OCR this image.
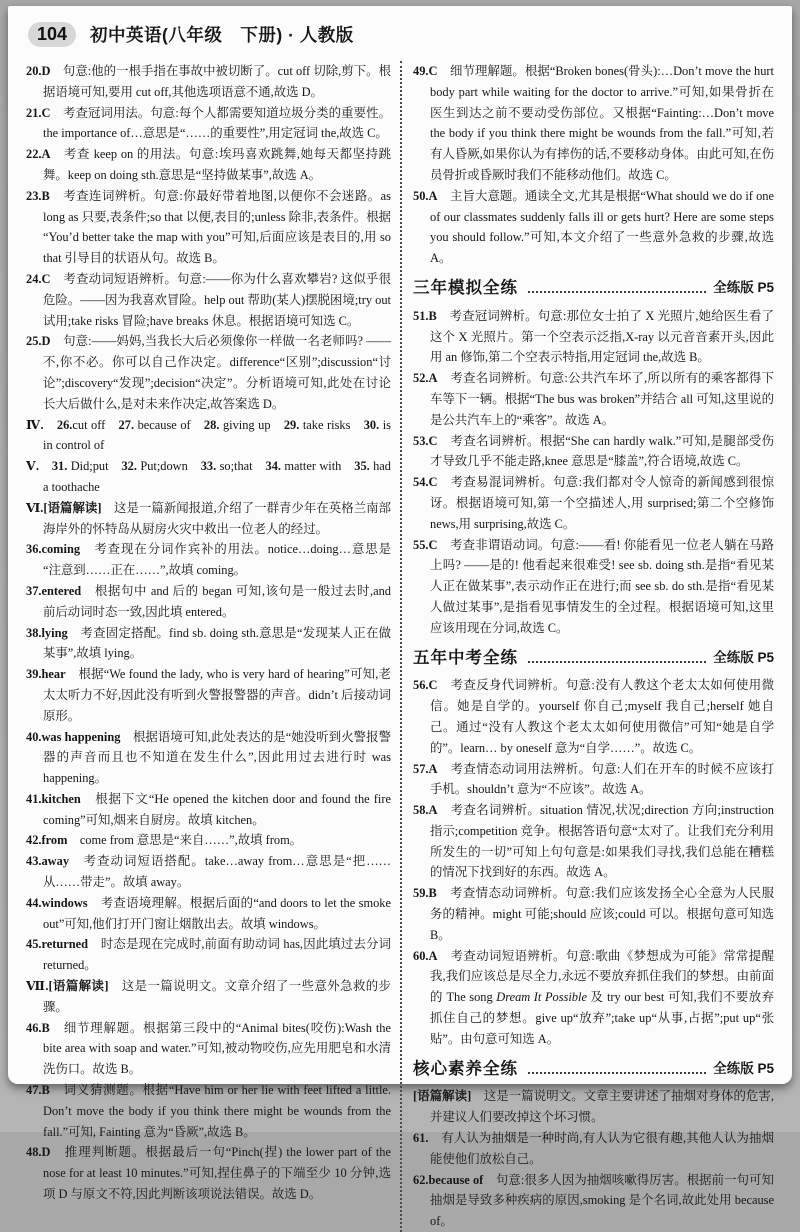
104	初中英语(八年级　下册) · 人教版

20.D　 句意:他的一根手指在事故中被切断了。cut off 切除,剪下。根据语境可知,要用 cut off,其他选项语意不通,故选 D。

21.C　 考查冠词用法。句意:每个人都需要知道垃圾分类的重要性。the importance of…意思是“……的重要性”,用定冠词 the,故选 C。

22.A　 考查 keep on 的用法。句意:埃玛喜欢跳舞,她每天都坚持跳舞。keep on doing sth.意思是“坚持做某事”,故选 A。

23.B　 考查连词辨析。句意:你最好带着地图,以便你不会迷路。as long as 只要,表条件;so that 以便,表目的;unless 除非,表条件。根据“You’d better take the map with you”可知,后面应该是表目的,用 so that 引导目的状语从句。故选 B。

24.C　 考查动词短语辨析。句意:——你为什么喜欢攀岩? 这似乎很危险。——因为我喜欢冒险。help out 帮助(某人)摆脱困境;try out 试用;take risks 冒险;have breaks 休息。根据语境可知选 C。

25.D　 句意:——妈妈,当我长大后必须像你一样做一名老师吗? ——不,你不必。你可以自己作决定。difference“区别”;discussion“讨论”;discovery“发现”;decision“决定”。分析语境可知,此处在讨论长大后做什么,是对未来作决定,故答案选 D。

Ⅳ.　 26.cut off　27. because of　28. giving up　29. take risks　30. is in control of

Ⅴ.　 31. Did;put　32. Put;down　33. so;that　34. matter with　35. had a toothache

Ⅵ.[语篇解读]　 这是一篇新闻报道,介绍了一群青少年在英格兰南部海岸外的怀特岛从厨房火灾中救出一位老人的经过。

36.coming　 考查现在分词作宾补的用法。notice…doing…意思是“注意到……正在……”,故填 coming。

37.entered　 根据句中 and 后的 began 可知,该句是一般过去时,and 前后动词时态一致,因此填 entered。

38.lying　 考查固定搭配。find sb. doing sth.意思是“发现某人正在做某事”,故填 lying。

39.hear　 根据“We found the lady, who is very hard of hearing”可知,老太太听力不好,因此没有听到火警报警器的声音。didn’t 后接动词原形。

40.was happening　 根据语境可知,此处表达的是“她没听到火警报警器的声音而且也不知道在发生什么”,因此用过去进行时 was happening。

41.kitchen　 根据下文“He opened the kitchen door and found the fire coming”可知,烟来自厨房。故填 kitchen。

42.from　 come from 意思是“来自……”,故填 from。

43.away　 考查动词短语搭配。take…away from…意思是“把……从……带走”。故填 away。

44.windows　 考查语境理解。根据后面的“and doors to let the smoke out”可知,他们打开门窗让烟散出去。故填 windows。

45.returned　 时态是现在完成时,前面有助动词 has,因此填过去分词 returned。

Ⅶ.[语篇解读]　 这是一篇说明文。文章介绍了一些意外急救的步骤。

46.B　 细节理解题。根据第三段中的“Animal bites(咬伤):Wash the bite area with soap and water.”可知,被动物咬伤,应先用肥皂和水清洗伤口。故选 B。

47.B　 词义猜测题。根据“Have him or her lie with feet lifted a little. Don’t move the body if you think there might be wounds from the fall.”可知, Fainting 意为“昏厥”,故选 B。

48.D　 推理判断题。根据最后一句“Pinch(捏) the lower part of the nose for at least 10 minutes.”可知,捏住鼻子的下端至少 10 分钟,选项 D 与原文不符,因此判断该项说法错误。故选 D。

49.C　 细节理解题。根据“Broken bones(骨头):…Don’t move the hurt body part while waiting for the doctor to arrive.”可知,如果骨折在医生到达之前不要动受伤部位。又根据“Fainting:…Don’t move the body if you think there might be wounds from the fall.”可知,若有人昏厥,如果你认为有摔伤的话,不要移动身体。由此可知,在伤员骨折或昏厥时我们不能移动他们。故选 C。

50.A　 主旨大意题。通读全文,尤其是根据“What should we do if one of our classmates suddenly falls ill or gets hurt? Here are some steps you should follow.”可知,本文介绍了一些意外急救的步骤,故选 A。

三年模拟全练	全练版 P5

51.B　 考查冠词辨析。句意:那位女士拍了 X 光照片,她给医生看了这个 X 光照片。第一个空表示泛指,X-ray 以元音音素开头,因此用 an 修饰,第二个空表示特指,用定冠词 the,故选 B。

52.A　 考查名词辨析。句意:公共汽车坏了,所以所有的乘客都得下车等下一辆。根据“The bus was broken”并结合 all 可知,这里说的是公共汽车上的“乘客”。故选 A。

53.C　 考查名词辨析。根据“She can hardly walk.”可知,是腿部受伤才导致几乎不能走路,knee 意思是“膝盖”,符合语境,故选 C。

54.C　 考查易混词辨析。句意:我们都对令人惊奇的新闻感到很惊讶。根据语境可知,第一个空描述人,用 surprised;第二个空修饰 news,用 surprising,故选 C。

55.C　 考查非谓语动词。句意:——看! 你能看见一位老人躺在马路上吗? ——是的! 他看起来很难受! see sb. doing sth.是指“看见某人正在做某事”,表示动作正在进行;而 see sb. do sth.是指“看见某人做过某事”,是指看见事情发生的全过程。根据语境可知,这里应该用现在分词,故选 C。

五年中考全练	全练版 P5

56.C　 考查反身代词辨析。句意:没有人教这个老太太如何使用微信。她是自学的。yourself 你自己;myself 我自己;herself 她自己。通过“没有人教这个老太太如何使用微信”可知“她是自学的”。learn… by oneself 意为“自学……”。故选 C。

57.A　 考查情态动词用法辨析。句意:人们在开车的时候不应该打手机。shouldn’t 意为“不应该”。故选 A。

58.A　 考查名词辨析。situation 情况,状况;direction 方向;instruction 指示;competition 竞争。根据答语句意“太对了。让我们充分利用所发生的一切”可知上句句意是:如果我们寻找,我们总能在糟糕的情况下找到好的东西。故选 A。

59.B　 考查情态动词辨析。句意:我们应该发扬全心全意为人民服务的精神。might 可能;should 应该;could 可以。根据句意可知选 B。

60.A　 考查动词短语辨析。句意:歌曲《梦想成为可能》常常提醒我,我们应该总是尽全力,永远不要放弃抓住我们的梦想。由前面的 The song Dream It Possible 及 try our best 可知,我们不要放弃抓住自己的梦想。give up“放弃”;take up“从事,占据”;put up“张贴”。由句意可知选 A。

核心素养全练	全练版 P5

[语篇解读]　 这是一篇说明文。文章主要讲述了抽烟对身体的危害,并建议人们要改掉这个坏习惯。

61.　 有人认为抽烟是一种时尚,有人认为它很有趣,其他人认为抽烟能使他们放松自己。

62.because of　 句意:很多人因为抽烟咳嗽得厉害。根据前一句可知抽烟是导致多种疾病的原因,smoking 是个名词,故此处用 because of。
